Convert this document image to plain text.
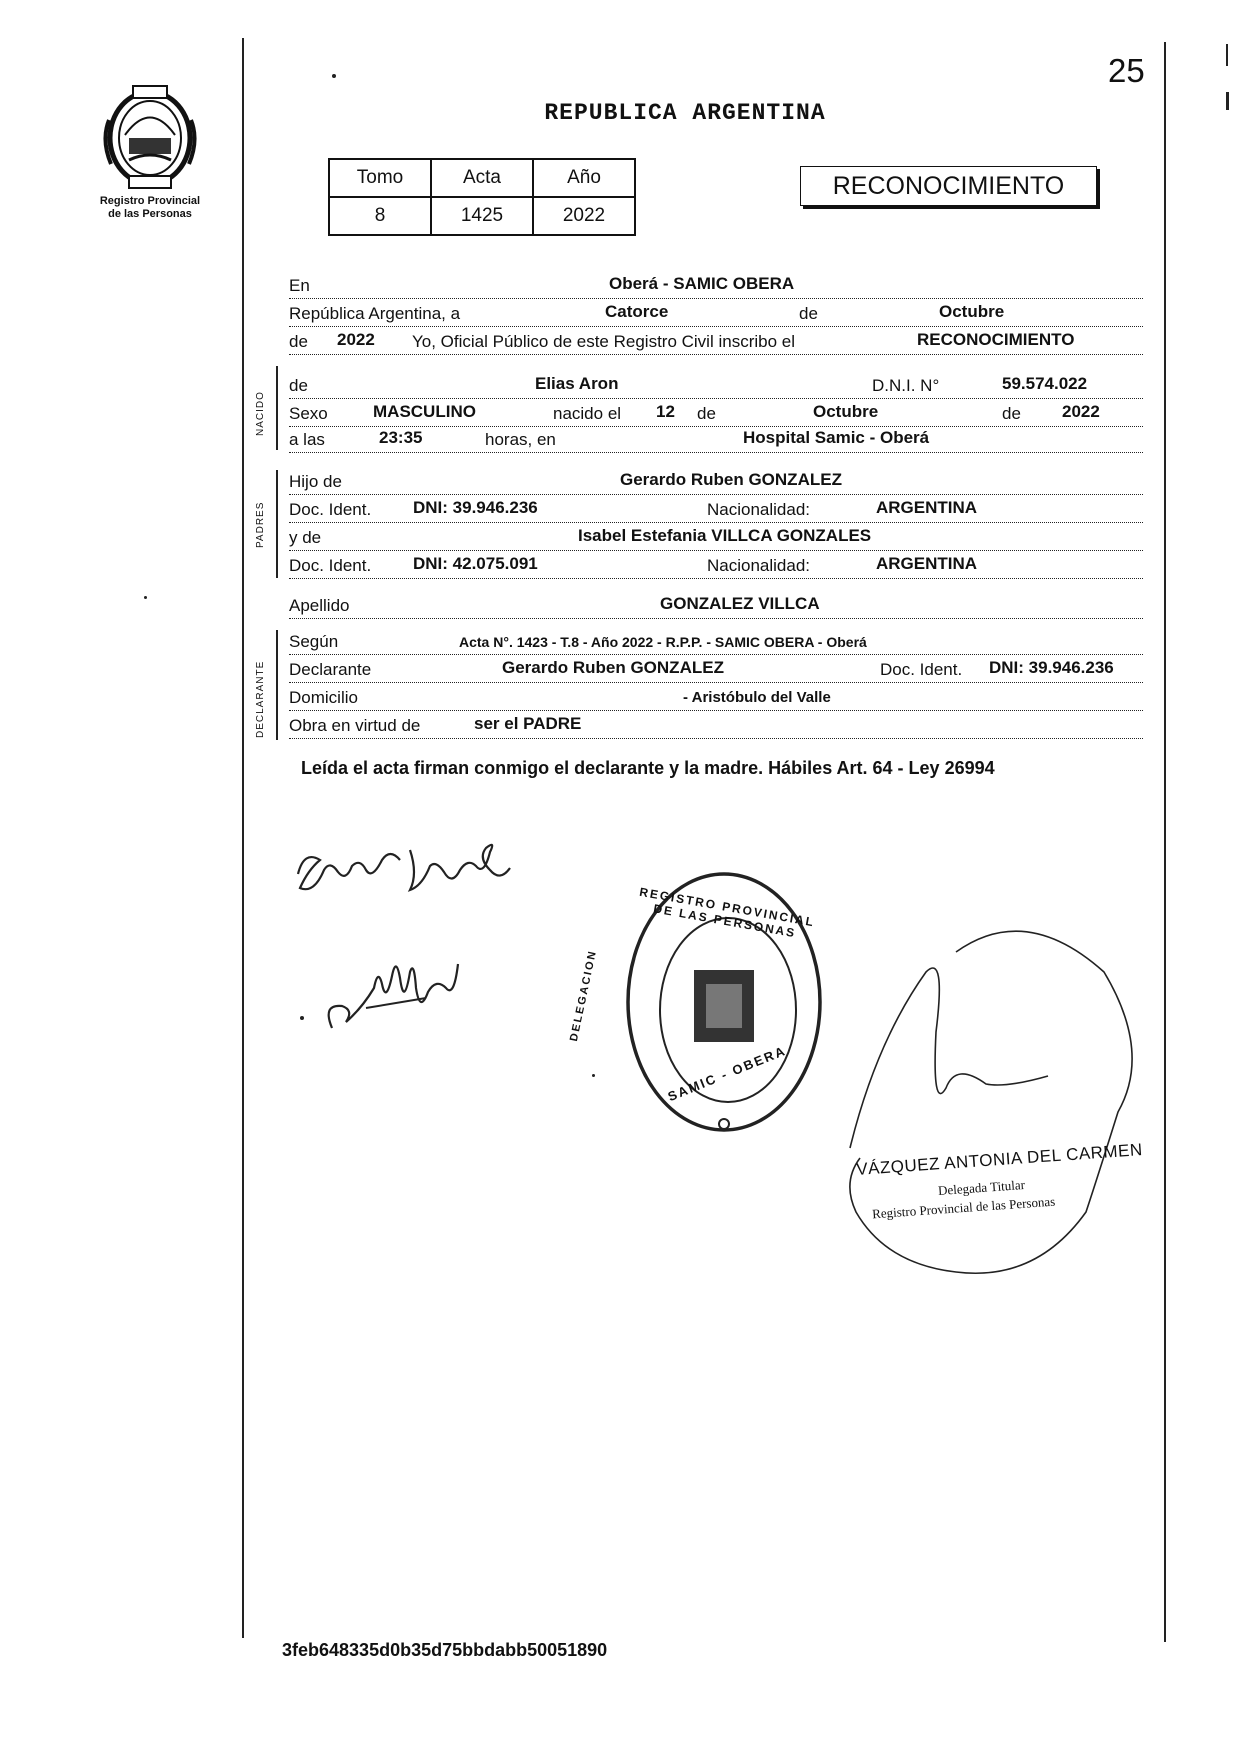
Registro Provincial
de las Personas
25
REPUBLICA ARGENTINA
Tomo	Acta	Año
8	1425	2022
RECONOCIMIENTO
NACIDO
PADRES
DECLARANTE
En	Oberá - SAMIC OBERA
República Argentina, a	Catorce	de	Octubre
de 2022 Yo, Oficial Público de este Registro Civil inscribo el	RECONOCIMIENTO
de	Elias Aron	D.N.I. N°	59.574.022
Sexo	MASCULINO	nacido el 12 de	Octubre	de 2022
a las	23:35	horas, en	Hospital Samic - Oberá
Hijo de	Gerardo Ruben GONZALEZ
Doc. Ident. DNI: 39.946.236	Nacionalidad:	ARGENTINA
y de	Isabel Estefania VILLCA GONZALES
Doc. Ident. DNI: 42.075.091	Nacionalidad:	ARGENTINA
Apellido	GONZALEZ VILLCA
Según	Acta N°. 1423 - T.8 - Año 2022 - R.P.P. - SAMIC OBERA - Oberá
Declarante	Gerardo Ruben GONZALEZ	Doc. Ident. DNI: 39.946.236
Domicilio	- Aristóbulo del Valle
Obra en virtud de	ser el PADRE
Leída el acta firman conmigo el declarante y la madre. Hábiles Art. 64 - Ley 26994
REGISTRO PROVINCIAL DE LAS PERSONAS
SAMIC - OBERA
DELEGACION
VÁZQUEZ ANTONIA DEL CARMEN
Delegada Titular
Registro Provincial de las Personas
3feb648335d0b35d75bbdabb50051890
